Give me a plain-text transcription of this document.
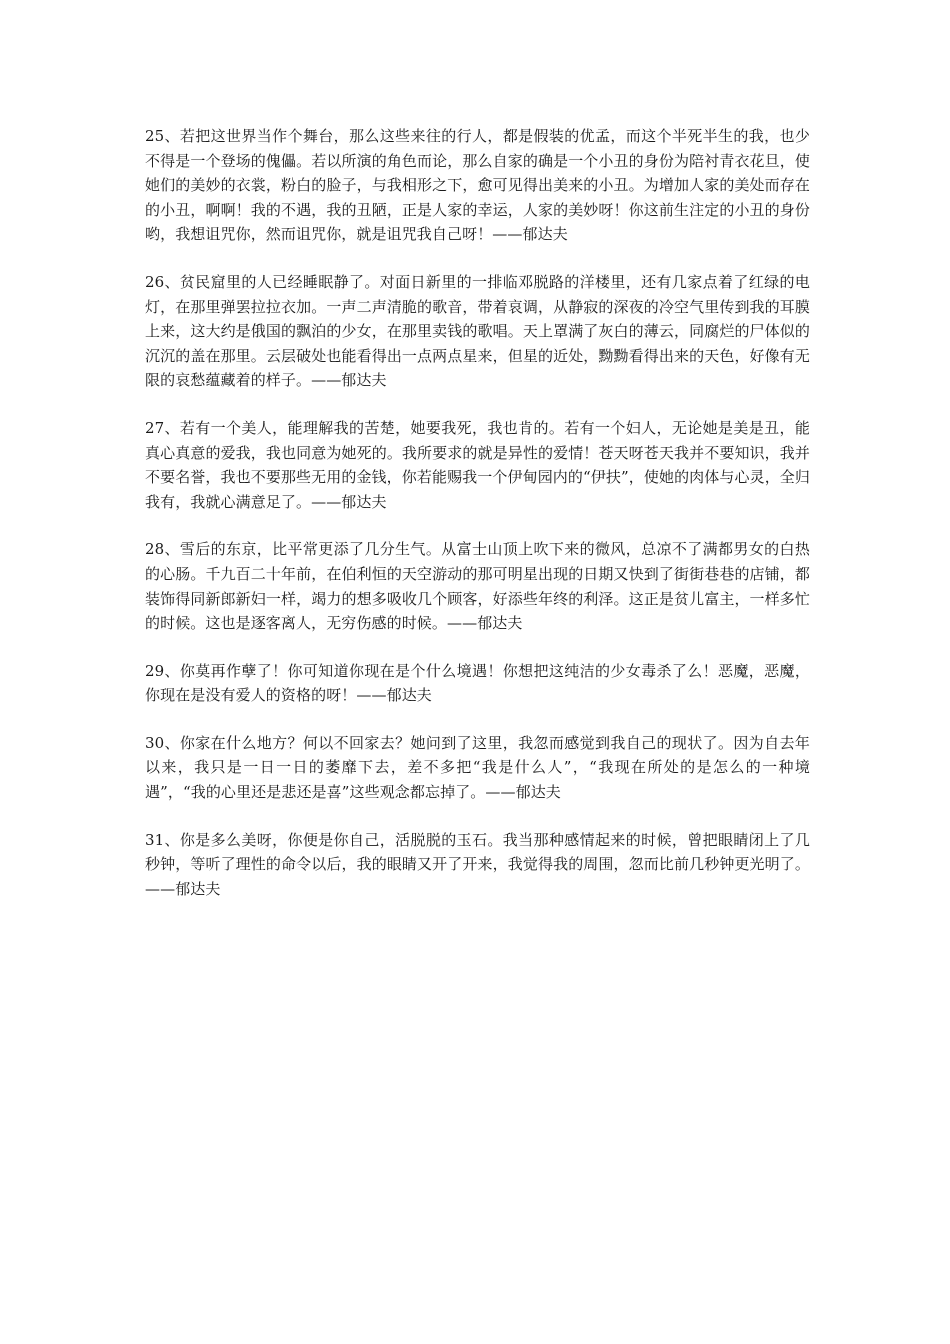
25、若把这世界当作个舞台，那么这些来往的行人，都是假装的优孟，而这个半死半生的我，也少不得是一个登场的傀儡。若以所演的角色而论，那么自家的确是一个小丑的身份为陪衬青衣花旦，使她们的美妙的衣裳，粉白的脸子，与我相形之下，愈可见得出美来的小丑。为增加人家的美处而存在的小丑，啊啊！我的不遇，我的丑陋，正是人家的幸运，人家的美妙呀！你这前生注定的小丑的身份哟，我想诅咒你，然而诅咒你，就是诅咒我自己呀！——郁达夫

26、贫民窟里的人已经睡眠静了。对面日新里的一排临邓脱路的洋楼里，还有几家点着了红绿的电灯，在那里弹罢拉拉衣加。一声二声清脆的歌音，带着哀调，从静寂的深夜的冷空气里传到我的耳膜上来，这大约是俄国的飘泊的少女，在那里卖钱的歌唱。天上罩满了灰白的薄云，同腐烂的尸体似的沉沉的盖在那里。云层破处也能看得出一点两点星来，但星的近处，黝黝看得出来的天色，好像有无限的哀愁蕴藏着的样子。——郁达夫

27、若有一个美人，能理解我的苦楚，她要我死，我也肯的。若有一个妇人，无论她是美是丑，能真心真意的爱我，我也同意为她死的。我所要求的就是异性的爱情！苍天呀苍天我并不要知识，我并不要名誉，我也不要那些无用的金钱，你若能赐我一个伊甸园内的“伊扶”，使她的肉体与心灵，全归我有，我就心满意足了。——郁达夫

28、雪后的东京，比平常更添了几分生气。从富士山顶上吹下来的微风，总凉不了满都男女的白热的心肠。千九百二十年前，在伯利恒的天空游动的那可明星出现的日期又快到了街街巷巷的店铺，都装饰得同新郎新妇一样，竭力的想多吸收几个顾客，好添些年终的利泽。这正是贫儿富主，一样多忙的时候。这也是逐客离人，无穷伤感的时候。——郁达夫

29、你莫再作孽了！你可知道你现在是个什么境遇！你想把这纯洁的少女毒杀了么！恶魔，恶魔，你现在是没有爱人的资格的呀！——郁达夫

30、你家在什么地方？何以不回家去？她问到了这里，我忽而感觉到我自己的现状了。因为自去年以来，我只是一日一日的萎靡下去，差不多把“我是什么人”，“我现在所处的是怎么的一种境遇”，“我的心里还是悲还是喜”这些观念都忘掉了。——郁达夫

31、你是多么美呀，你便是你自己，活脱脱的玉石。我当那种感情起来的时候，曾把眼睛闭上了几秒钟，等听了理性的命令以后，我的眼睛又开了开来，我觉得我的周围，忽而比前几秒钟更光明了。——郁达夫
